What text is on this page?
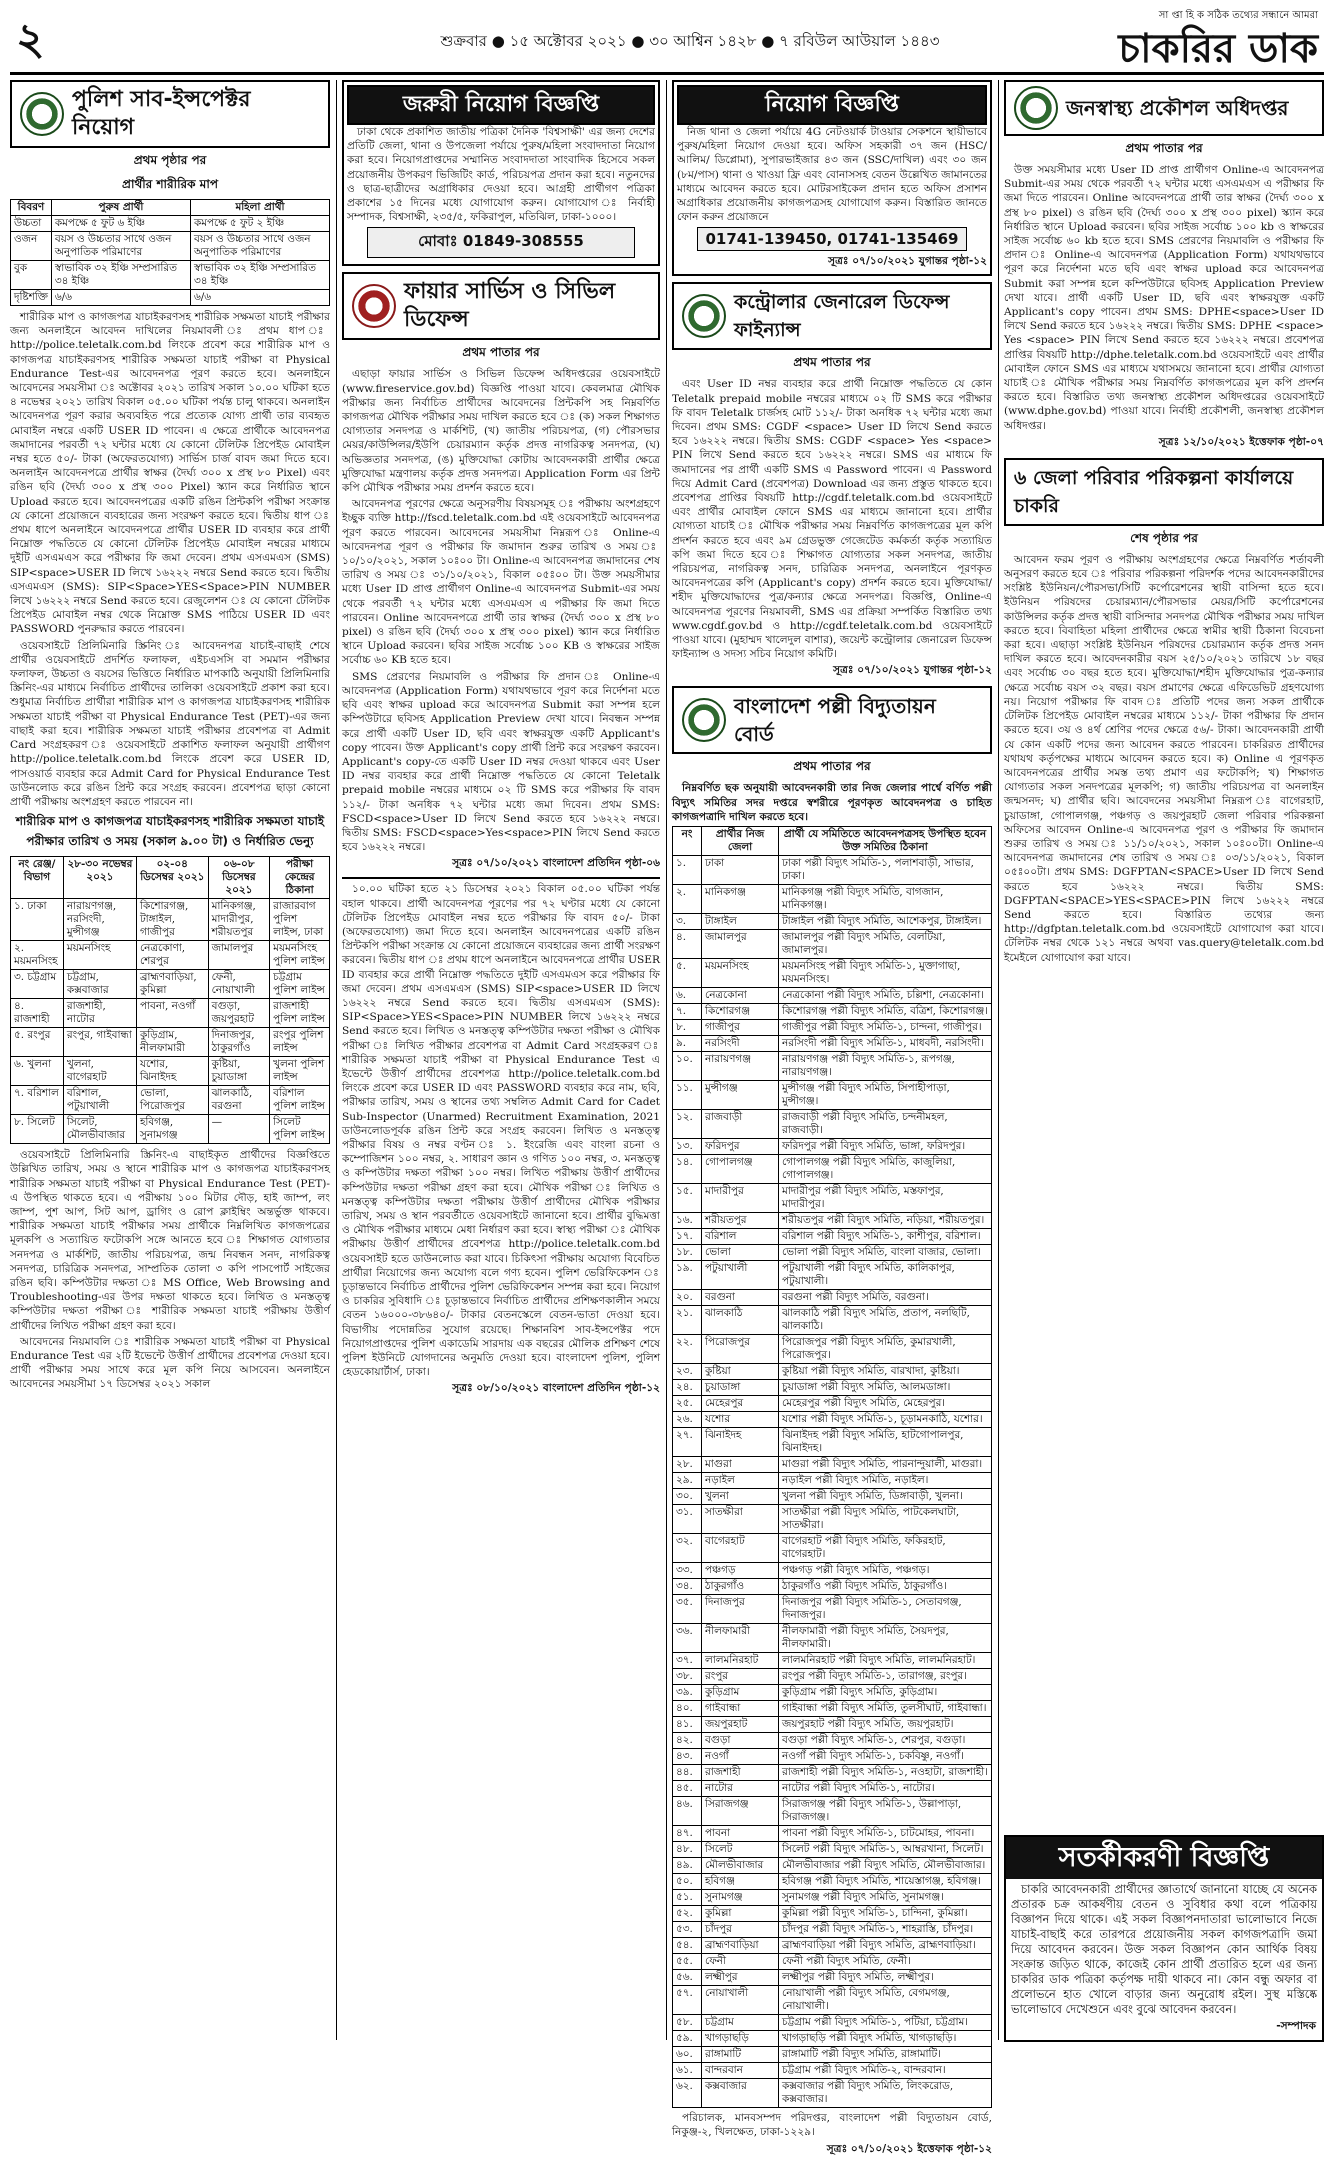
২	শুক্রবার ● ১৫ অক্টোবর ২০২১ ● ৩০ আশ্বিন ১৪২৮ ● ৭ রবিউল আউয়াল ১৪৪৩
সা প্তা হি ক সঠিক তথ্যের সন্ধানে আমরা
চাকরির ডাক
পুলিশ সাব-ইন্সপেক্টর নিয়োগ
প্রথম পৃষ্ঠার পর
প্রার্থীর শারীরিক মাপ
বিবরণ	পুরুষ প্রার্থী	মহিলা প্রার্থী
উচ্চতা	কমপক্ষে ৫ ফুট ৬ ইঞ্চি	কমপক্ষে ৫ ফুট ২ ইঞ্চি
ওজন	বয়স ও উচ্চতার সাথে ওজন অনুপাতিক পরিমাণের	বয়স ও উচ্চতার সাথে ওজন অনুপাতিক পরিমাণের
বুক	স্বাভাবিক ৩২ ইঞ্চি সম্প্রসারিত ৩৪ ইঞ্চি	স্বাভাবিক ৩২ ইঞ্চি সম্প্রসারিত ৩৪ ইঞ্চি
দৃষ্টিশক্তি	৬/৬	৬/৬

শারীরিক মাপ ও কাগজপত্র যাচাইকরণসহ শারীরিক সক্ষমতা যাচাই পরীক্ষার জন্য অনলাইনে আবেদন দাখিলের নিয়মাবলী ঃ প্রথম ধাপ ঃ http://police.teletalk.com.bd লিংকে প্রবেশ করে শারীরিক মাপ ও কাগজপত্র যাচাইকরণসহ শারীরিক সক্ষমতা যাচাই পরীক্ষা বা Physical Endurance Test-এর আবেদনপত্র পূরণ করতে হবে। অনলাইনে আবেদনের সময়সীমা ঃ অক্টোবর ২০২১ তারিখ সকাল ১০.০০ ঘটিকা হতে ৪ নভেম্বর ২০২১ তারিখ বিকাল ০৫.০০ ঘটিকা পর্যন্ত চালু থাকবে। অনলাইন আবেদনপত্র পূরণ করার অব্যবহিত পরে প্রত্যেক যোগ্য প্রার্থী তার ব্যবহৃত মোবাইল নম্বরে একটি USER ID পাবেন। এ ক্ষেত্রে প্রার্থীকে আবেদনপত্র জমাদানের পরবর্তী ৭২ ঘন্টার মধ্যে যে কোনো টেলিটক প্রিপেইড মোবাইল নম্বর হতে ৫০/- টাকা (অফেরতযোগ্য) সার্ভিস চার্জ বাবদ জমা দিতে হবে। অনলাইন আবেদনপত্রে প্রার্থীর স্বাক্ষর (দৈর্ঘ্য ৩০০ x প্রস্থ ৮০ Pixel) এবং রঙিন ছবি (দৈর্ঘ্য ৩০০ x প্রস্থ ৩০০ Pixel) স্ক্যান করে নির্ধারিত স্থানে Upload করতে হবে। আবেদনপত্রের একটি রঙিন প্রিন্টকপি পরীক্ষা সংক্রান্ত যে কোনো প্রয়োজনে ব্যবহারের জন্য সংরক্ষণ করতে হবে। দ্বিতীয় ধাপ ঃ প্রথম ধাপে অনলাইনে আবেদনপত্রে প্রার্থীর USER ID ব্যবহার করে প্রার্থী নিম্নোক্ত পদ্ধতিতে যে কোনো টেলিটক প্রিপেইড মোবাইল নম্বরের মাধ্যমে দুইটি এসএমএস করে পরীক্ষার ফি জমা দেবেন। প্রথম এসএমএস (SMS) SIP<space>USER ID লিখে ১৬২২২ নম্বরে Send করতে হবে। দ্বিতীয় এসএমএস (SMS): SIP<Space>YES<Space>PIN NUMBER লিখে ১৬২২২ নম্বরে Send করতে হবে। রেজুলেশন ঃ যে কোনো টেলিটক প্রিপেইড মোবাইল নম্বর থেকে নিম্নোক্ত SMS পাঠিয়ে USER ID এবং PASSWORD পুনরুদ্ধার করতে পারবেন।

ওয়েবসাইটে প্রিলিমিনারি স্ক্রিনিং ঃ আবেদনপত্র যাচাই-বাছাই শেষে প্রার্থীর ওয়েবসাইটে প্রদর্শিত ফলাফল, এইচএসসি বা সমমান পরীক্ষার ফলাফল, উচ্চতা ও বয়সের ভিত্তিতে নির্ধারিত মাপকাঠি অনুযায়ী প্রিলিমিনারি স্ক্রিনিং-এর মাধ্যমে নির্বাচিত প্রার্থীদের তালিকা ওয়েবসাইটে প্রকাশ করা হবে। শুধুমাত্র নির্বাচিত প্রার্থীরা শারীরিক মাপ ও কাগজপত্র যাচাইকরণসহ শারীরিক সক্ষমতা যাচাই পরীক্ষা বা Physical Endurance Test (PET)-এর জন্য বাছাই করা হবে। শারীরিক সক্ষমতা যাচাই পরীক্ষার প্রবেশপত্র বা Admit Card সংগ্রহকরণ ঃ ওয়েবসাইটে প্রকাশিত ফলাফল অনুযায়ী প্রার্থীগণ http://police.teletalk.com.bd লিংকে প্রবেশ করে USER ID, পাসওয়ার্ড ব্যবহার করে Admit Card for Physical Endurance Test ডাউনলোড করে রঙিন প্রিন্ট করে সংগ্রহ করবেন। প্রবেশপত্র ছাড়া কোনো প্রার্থী পরীক্ষায় অংশগ্রহণ করতে পারবেন না।

শারীরিক মাপ ও কাগজপত্র যাচাইকরণসহ শারীরিক সক্ষমতা যাচাই পরীক্ষার তারিখ ও সময় (সকাল ৯.০০ টা) ও নির্ধারিত ভেন্যু
নং রেঞ্জ/বিভাগ	২৮-৩০ নভেম্বর ২০২১	০২-০৪ ডিসেম্বর ২০২১	০৬-০৮ ডিসেম্বর ২০২১	পরীক্ষা কেন্দ্রের ঠিকানা
১. ঢাকা	নারায়ণগঞ্জ, নরসিংদী, মুন্সীগঞ্জ	কিশোরগঞ্জ, টাঙ্গাইল, গাজীপুর	মানিকগঞ্জ, মাদারীপুর, শরীয়তপুর	রাজারবাগ পুলিশ লাইন্স, ঢাকা
২. ময়মনসিংহ	ময়মনসিংহ	নেত্রকোণা, শেরপুর	জামালপুর	ময়মনসিংহ পুলিশ লাইন্স
৩. চট্টগ্রাম	চট্টগ্রাম, কক্সবাজার	ব্রাহ্মণবাড়িয়া, কুমিল্লা	ফেনী, নোয়াখালী	চট্টগ্রাম পুলিশ লাইন্স
৪. রাজশাহী	রাজশাহী, নাটোর	পাবনা, নওগাঁ	বগুড়া, জয়পুরহাট	রাজশাহী পুলিশ লাইন্স
৫. রংপুর	রংপুর, গাইবান্ধা	কুড়িগ্রাম, নীলফামারী	দিনাজপুর, ঠাকুরগাঁও	রংপুর পুলিশ লাইন্স
৬. খুলনা	খুলনা, বাগেরহাট	যশোর, ঝিনাইদহ	কুষ্টিয়া, চুয়াডাঙ্গা	খুলনা পুলিশ লাইন্স
৭. বরিশাল	বরিশাল, পটুয়াখালী	ভোলা, পিরোজপুর	ঝালকাঠি, বরগুনা	বরিশাল পুলিশ লাইন্স
৮. সিলেট	সিলেট, মৌলভীবাজার	হবিগঞ্জ, সুনামগঞ্জ	—	সিলেট পুলিশ লাইন্স

ওয়েবসাইটে প্রিলিমিনারি স্ক্রিনিং-এ বাছাইকৃত প্রার্থীদের বিজ্ঞপ্তিতে উল্লিখিত তারিখ, সময় ও স্থানে শারীরিক মাপ ও কাগজপত্র যাচাইকরণসহ শারীরিক সক্ষমতা যাচাই পরীক্ষা বা Physical Endurance Test (PET)-এ উপস্থিত থাকতে হবে। এ পরীক্ষায় ১০০ মিটার দৌড়, হাই জাম্প, লং জাম্প, পুশ আপ, সিট আপ, ড্রাগিং ও রোপ ক্লাইম্বিং অন্তর্ভুক্ত থাকবে। শারীরিক সক্ষমতা যাচাই পরীক্ষার সময় প্রার্থীকে নিম্নলিখিত কাগজপত্রের মূলকপি ও সত্যায়িত ফটোকপি সঙ্গে আনতে হবে ঃ শিক্ষাগত যোগ্যতার সনদপত্র ও মার্কশিট, জাতীয় পরিচয়পত্র, জন্ম নিবন্ধন সনদ, নাগরিকত্ব সনদপত্র, চারিত্রিক সনদপত্র, সাম্প্রতিক তোলা ৩ কপি পাসপোর্ট সাইজের রঙিন ছবি। কম্পিউটার দক্ষতা ঃ MS Office, Web Browsing and Troubleshooting-এর উপর দক্ষতা থাকতে হবে। লিখিত ও মনস্তত্ত্ব কম্পিউটার দক্ষতা পরীক্ষা ঃ শারীরিক সক্ষমতা যাচাই পরীক্ষায় উত্তীর্ণ প্রার্থীদের লিখিত পরীক্ষা গ্রহণ করা হবে।

আবেদনের নিয়মাবলি ঃ শারীরিক সক্ষমতা যাচাই পরীক্ষা বা Physical Endurance Test এর ২টি ইভেন্টে উত্তীর্ণ প্রার্থীদের প্রবেশপত্র দেওয়া হবে। প্রার্থী পরীক্ষার সময় সাথে করে মূল কপি নিয়ে আসবেন। অনলাইনে আবেদনের সময়সীমা ১৭ ডিসেম্বর ২০২১ সকাল

জরুরী নিয়োগ বিজ্ঞপ্তি

ঢাকা থেকে প্রকাশিত জাতীয় পত্রিকা দৈনিক 'বিশ্বসাক্ষী' এর জন্য দেশের প্রতিটি জেলা, থানা ও উপজেলা পর্যায়ে পুরুষ/মহিলা সংবাদদাতা নিয়োগ করা হবে। নিয়োগপ্রাপ্তদের সম্মানিত সংবাদদাতা সাংবাদিক হিসেবে সকল প্রয়োজনীয় উপকরণ ভিজিটিং কার্ড, পরিচয়পত্র প্রদান করা হবে। নতুনদের ও ছাত্র-ছাত্রীদের অগ্রাধিকার দেওয়া হবে। আগ্রহী প্রার্থীগণ পত্রিকা প্রকাশের ১৫ দিনের মধ্যে যোগাযোগ করুন। যোগাযোগ ঃ নির্বাহী সম্পাদক, বিশ্বসাক্ষী, ২৩৫/৫, ফকিরাপুল, মতিঝিল, ঢাকা-১০০০।

মোবাঃ 01849-308555
ফায়ার সার্ভিস ও সিভিল ডিফেন্স
প্রথম পাতার পর

এছাড়া ফায়ার সার্ভিস ও সিভিল ডিফেন্স অধিদপ্তরের ওয়েবসাইটে (www.fireservice.gov.bd) বিজ্ঞপ্তি পাওয়া যাবে। কেবলমাত্র মৌখিক পরীক্ষার জন্য নির্বাচিত প্রার্থীদের আবেদনের প্রিন্টকপি সহ নিম্নবর্ণিত কাগজপত্র মৌখিক পরীক্ষার সময় দাখিল করতে হবে ঃ (ক) সকল শিক্ষাগত যোগ্যতার সনদপত্র ও মার্কশিট, (খ) জাতীয় পরিচয়পত্র, (গ) পৌরসভার মেয়র/কাউন্সিলর/ইউপি চেয়ারম্যান কর্তৃক প্রদত্ত নাগরিকত্ব সনদপত্র, (ঘ) অভিজ্ঞতার সনদপত্র, (ঙ) মুক্তিযোদ্ধা কোটায় আবেদনকারী প্রার্থীর ক্ষেত্রে মুক্তিযোদ্ধা মন্ত্রণালয় কর্তৃক প্রদত্ত সনদপত্র। Application Form এর প্রিন্ট কপি মৌখিক পরীক্ষার সময় প্রদর্শন করতে হবে।

আবেদনপত্র পূরণের ক্ষেত্রে অনুসরণীয় বিষয়সমূহ ঃ পরীক্ষায় অংশগ্রহণে ইচ্ছুক ব্যক্তি http://fscd.teletalk.com.bd এই ওয়েবসাইটে আবেদনপত্র পূরণ করতে পারবেন। আবেদনের সময়সীমা নিম্নরূপ ঃ Online-এ আবেদনপত্র পূরণ ও পরীক্ষার ফি জমাদান শুরুর তারিখ ও সময় ঃ ১০/১০/২০২১, সকাল ১০ঃ০০ টা। Online-এ আবেদনপত্র জমাদানের শেষ তারিখ ও সময় ঃ ৩১/১০/২০২১, বিকাল ০৫ঃ০০ টা। উক্ত সময়সীমার মধ্যে User ID প্রাপ্ত প্রার্থীগণ Online-এ আবেদনপত্র Submit-এর সময় থেকে পরবর্তী ৭২ ঘন্টার মধ্যে এসএমএস এ পরীক্ষার ফি জমা দিতে পারবেন। Online আবেদনপত্রে প্রার্থী তার স্বাক্ষর (দৈর্ঘ্য ৩০০ x প্রস্থ ৮০ pixel) ও রঙিন ছবি (দৈর্ঘ্য ৩০০ x প্রস্থ ৩০০ pixel) স্ক্যান করে নির্ধারিত স্থানে Upload করবেন। ছবির সাইজ সর্বোচ্চ ১০০ KB ও স্বাক্ষরের সাইজ সর্বোচ্চ ৬০ KB হতে হবে।

SMS প্রেরণের নিয়মাবলি ও পরীক্ষার ফি প্রদান ঃ Online-এ আবেদনপত্র (Application Form) যথাযথভাবে পূরণ করে নির্দেশনা মতে ছবি এবং স্বাক্ষর upload করে আবেদনপত্র Submit করা সম্পন্ন হলে কম্পিউটারে ছবিসহ Application Preview দেখা যাবে। নিবন্ধন সম্পন্ন করে প্রার্থী একটি User ID, ছবি এবং স্বাক্ষরযুক্ত একটি Applicant's copy পাবেন। উক্ত Applicant's copy প্রার্থী প্রিন্ট করে সংরক্ষণ করবেন। Applicant's copy-তে একটি User ID নম্বর দেওয়া থাকবে এবং User ID নম্বর ব্যবহার করে প্রার্থী নিম্নোক্ত পদ্ধতিতে যে কোনো Teletalk prepaid mobile নম্বরের মাধ্যমে ০২ টি SMS করে পরীক্ষার ফি বাবদ ১১২/- টাকা অনধিক ৭২ ঘন্টার মধ্যে জমা দিবেন। প্রথম SMS: FSCD<space>User ID লিখে Send করতে হবে ১৬২২২ নম্বরে। দ্বিতীয় SMS: FSCD<space>Yes<space>PIN লিখে Send করতে হবে ১৬২২২ নম্বরে।

সূত্রঃ ০৭/১০/২০২১ বাংলাদেশ প্রতিদিন পৃষ্ঠা-০৬

১০.০০ ঘটিকা হতে ২১ ডিসেম্বর ২০২১ বিকাল ০৫.০০ ঘটিকা পর্যন্ত বহাল থাকবে। প্রার্থী আবেদনপত্র পূরণের পর ৭২ ঘণ্টার মধ্যে যে কোনো টেলিটক প্রিপেইড মোবাইল নম্বর হতে পরীক্ষার ফি বাবদ ৫০/- টাকা (অফেরতযোগ্য) জমা দিতে হবে। অনলাইন আবেদনপত্রের একটি রঙিন প্রিন্টকপি পরীক্ষা সংক্রান্ত যে কোনো প্রয়োজনে ব্যবহারের জন্য প্রার্থী সংরক্ষণ করবেন। দ্বিতীয় ধাপ ঃ প্রথম ধাপে অনলাইনে আবেদনপত্রে প্রার্থীর USER ID ব্যবহার করে প্রার্থী নিম্নোক্ত পদ্ধতিতে দুইটি এসএমএস করে পরীক্ষার ফি জমা দেবেন। প্রথম এসএমএস (SMS) SIP<space>USER ID লিখে ১৬২২২ নম্বরে Send করতে হবে। দ্বিতীয় এসএমএস (SMS): SIP<Space>YES<Space>PIN NUMBER লিখে ১৬২২২ নম্বরে Send করতে হবে। লিখিত ও মনস্তত্ত্ব কম্পিউটার দক্ষতা পরীক্ষা ও মৌখিক পরীক্ষা ঃ লিখিত পরীক্ষার প্রবেশপত্র বা Admit Card সংগ্রহকরণ ঃ শারীরিক সক্ষমতা যাচাই পরীক্ষা বা Physical Endurance Test এ ইভেন্টে উত্তীর্ণ প্রার্থীদের প্রবেশপত্র http://police.teletalk.com.bd লিংকে প্রবেশ করে USER ID এবং PASSWORD ব্যবহার করে নাম, ছবি, পরীক্ষার তারিখ, সময় ও স্থানের তথ্য সম্বলিত Admit Card for Cadet Sub-Inspector (Unarmed) Recruitment Examination, 2021 ডাউনলোডপূর্বক রঙিন প্রিন্ট করে সংগ্রহ করবেন। লিখিত ও মনস্তত্ত্ব পরীক্ষার বিষয় ও নম্বর বণ্টন ঃ ১. ইংরেজি এবং বাংলা রচনা ও কম্পোজিশন ১০০ নম্বর, ২. সাধারণ জ্ঞান ও গণিত ১০০ নম্বর, ৩. মনস্তত্ত্ব ও কম্পিউটার দক্ষতা পরীক্ষা ১০০ নম্বর। লিখিত পরীক্ষায় উত্তীর্ণ প্রার্থীদের কম্পিউটার দক্ষতা পরীক্ষা গ্রহণ করা হবে। মৌখিক পরীক্ষা ঃ লিখিত ও মনস্তত্ত্ব কম্পিউটার দক্ষতা পরীক্ষায় উত্তীর্ণ প্রার্থীদের মৌখিক পরীক্ষার তারিখ, সময় ও স্থান পরবর্তীতে ওয়েবসাইটে জানানো হবে। প্রার্থীর বুদ্ধিমত্তা ও মৌখিক পরীক্ষার মাধ্যমে মেধা নির্ধারণ করা হবে। স্বাস্থ্য পরীক্ষা ঃ মৌখিক পরীক্ষায় উত্তীর্ণ প্রার্থীদের প্রবেশপত্র http://police.teletalk.com.bd ওয়েবসাইট হতে ডাউনলোড করা যাবে। চিকিৎসা পরীক্ষায় অযোগ্য বিবেচিত প্রার্থীরা নিয়োগের জন্য অযোগ্য বলে গণ্য হবেন। পুলিশ ভেরিফিকেশন ঃ চূড়ান্তভাবে নির্বাচিত প্রার্থীদের পুলিশ ভেরিফিকেশন সম্পন্ন করা হবে। নিয়োগ ও চাকরির সুবিধাদি ঃ চূড়ান্তভাবে নির্বাচিত প্রার্থীদের প্রশিক্ষণকালীন সময়ে বেতন ১৬০০০-৩৮৬৪০/- টাকার বেতনস্কেলে বেতন-ভাতা দেওয়া হবে। বিভাগীয় পদোন্নতির সুযোগ রয়েছে। শিক্ষানবিশ সাব-ইন্সপেক্টর পদে নিয়োগপ্রাপ্তদের পুলিশ একাডেমি সারদায় এক বছরের মৌলিক প্রশিক্ষণ শেষে পুলিশ ইউনিটে যোগদানের অনুমতি দেওয়া হবে। বাংলাদেশ পুলিশ, পুলিশ হেডকোয়ার্টার্স, ঢাকা।

সূত্রঃ ০৮/১০/২০২১ বাংলাদেশ প্রতিদিন পৃষ্ঠা-১২
নিয়োগ বিজ্ঞপ্তি

নিজ থানা ও জেলা পর্যায়ে 4G নেটওয়ার্ক টাওয়ার সেকশনে স্থায়ীভাবে পুরুষ/মহিলা নিয়োগ দেওয়া হবে। অফিস সহকারী ৩৭ জন (HSC/ আলিম/ ডিপ্লোমা), সুপারভাইজার ৪৩ জন (SSC/দাখিল) এবং ৩০ জন (৮ম/পাস) থানা ও খাওয়া ফ্রি এবং বোনাসসহ বেতন উল্লেখিত জামানতের মাধ্যমে আবেদন করতে হবে। মোটরসাইকেল প্রদান হতে অফিস প্রসাশন অগ্রাধিকার প্রয়োজনীয় কাগজপত্রসহ যোগাযোগ করুন। বিস্তারিত জানতে ফোন করুন প্রয়োজনে

01741-139450, 01741-135469
সূত্রঃ ০৭/১০/২০২১ যুগান্তর পৃষ্ঠা-১২
কন্ট্রোলার জেনারেল ডিফেন্স ফাইন্যান্স
প্রথম পাতার পর

এবং User ID নম্বর ব্যবহার করে প্রার্থী নিম্নোক্ত পদ্ধতিতে যে কোন Teletalk prepaid mobile নম্বরের মাধ্যমে ০২ টি SMS করে পরীক্ষার ফি বাবদ Teletalk চার্জসহ মোট ১১২/- টাকা অনধিক ৭২ ঘন্টার মধ্যে জমা দিবেন। প্রথম SMS: CGDF <space> User ID লিখে Send করতে হবে ১৬২২২ নম্বরে। দ্বিতীয় SMS: CGDF <space> Yes <space> PIN লিখে Send করতে হবে ১৬২২২ নম্বরে। SMS এর মাধ্যমে ফি জমাদানের পর প্রার্থী একটি SMS এ Password পাবেন। এ Password দিয়ে Admit Card (প্রবেশপত্র) Download এর জন্য প্রস্তুত থাকতে হবে। প্রবেশপত্র প্রাপ্তির বিষয়টি http://cgdf.teletalk.com.bd ওয়েবসাইটে এবং প্রার্থীর মোবাইল ফোনে SMS এর মাধ্যমে জানানো হবে। প্রার্থীর যোগ্যতা যাচাই ঃ মৌখিক পরীক্ষার সময় নিম্নবর্ণিত কাগজপত্রের মূল কপি প্রদর্শন করতে হবে এবং ৯ম গ্রেডভুক্ত গেজেটেড কর্মকর্তা কর্তৃক সত্যায়িত কপি জমা দিতে হবে ঃ শিক্ষাগত যোগ্যতার সকল সনদপত্র, জাতীয় পরিচয়পত্র, নাগরিকত্ব সনদ, চারিত্রিক সনদপত্র, অনলাইনে পূরণকৃত আবেদনপত্রের কপি (Applicant's copy) প্রদর্শন করতে হবে। মুক্তিযোদ্ধা/শহীদ মুক্তিযোদ্ধাদের পুত্র/কন্যার ক্ষেত্রে সনদপত্র। বিজ্ঞপ্তি, Online-এ আবেদনপত্র পূরণের নিয়মাবলী, SMS এর প্রক্রিয়া সম্পর্কিত বিস্তারিত তথ্য www.cgdf.gov.bd ও http://cgdf.teletalk.com.bd ওয়েবসাইটে পাওয়া যাবে। (মুহাম্মদ খালেদুল বাশার), জয়েন্ট কন্ট্রোলার জেনারেল ডিফেন্স ফাইন্যান্স ও সদস্য সচিব নিয়োগ কমিটি।

সূত্রঃ ০৭/১০/২০২১ যুগান্তর পৃষ্ঠা-১২
বাংলাদেশ পল্লী বিদ্যুতায়ন বোর্ড
প্রথম পাতার পর

নিম্নবর্ণিত ছক অনুযায়ী আবেদনকারী তার নিজ জেলার পার্শ্বে বর্ণিত পল্লী বিদ্যুৎ সমিতির সদর দপ্তরে স্বশরীরে পূরণকৃত আবেদনপত্র ও চাহিত কাগজপত্রাদি দাখিল করতে হবে।

নং	প্রার্থীর নিজ জেলা	প্রার্থী যে সমিতিতে আবেদনপত্রসহ উপস্থিত হবেন উক্ত সমিতির ঠিকানা
১.	ঢাকা	ঢাকা পল্লী বিদ্যুৎ সমিতি-১, পলাশবাড়ী, সাভার, ঢাকা।
২.	মানিকগঞ্জ	মানিকগঞ্জ পল্লী বিদ্যুৎ সমিতি, বাগজান, মানিকগঞ্জ।
৩.	টাঙ্গাইল	টাঙ্গাইল পল্লী বিদ্যুৎ সমিতি, আশেকপুর, টাঙ্গাইল।
৪.	জামালপুর	জামালপুর পল্লী বিদ্যুৎ সমিতি, বেলটিয়া, জামালপুর।
৫.	ময়মনসিংহ	ময়মনসিংহ পল্লী বিদ্যুৎ সমিতি-১, মুক্তাগাছা, ময়মনসিংহ।
৬.	নেত্রকোনা	নেত্রকোনা পল্লী বিদ্যুৎ সমিতি, চল্লিশা, নেত্রকোনা।
৭.	কিশোরগঞ্জ	কিশোরগঞ্জ পল্লী বিদ্যুৎ সমিতি, বত্রিশ, কিশোরগঞ্জ।
৮.	গাজীপুর	গাজীপুর পল্লী বিদ্যুৎ সমিতি-১, চান্দনা, গাজীপুর।
৯.	নরসিংদী	নরসিংদী পল্লী বিদ্যুৎ সমিতি-১, মাধবদী, নরসিংদী।
১০.	নারায়ণগঞ্জ	নারায়ণগঞ্জ পল্লী বিদ্যুৎ সমিতি-১, রূপগঞ্জ, নারায়ণগঞ্জ।
১১.	মুন্সীগঞ্জ	মুন্সীগঞ্জ পল্লী বিদ্যুৎ সমিতি, সিপাহীপাড়া, মুন্সীগঞ্জ।
১২.	রাজবাড়ী	রাজবাড়ী পল্লী বিদ্যুৎ সমিতি, চন্দনীমহল, রাজবাড়ী।
১৩.	ফরিদপুর	ফরিদপুর পল্লী বিদ্যুৎ সমিতি, ভাঙ্গা, ফরিদপুর।
১৪.	গোপালগঞ্জ	গোপালগঞ্জ পল্লী বিদ্যুৎ সমিতি, কাজুলিয়া, গোপালগঞ্জ।
১৫.	মাদারীপুর	মাদারীপুর পল্লী বিদ্যুৎ সমিতি, মস্তফাপুর, মাদারীপুর।
১৬.	শরীয়তপুর	শরীয়তপুর পল্লী বিদ্যুৎ সমিতি, নড়িয়া, শরীয়তপুর।
১৭.	বরিশাল	বরিশাল পল্লী বিদ্যুৎ সমিতি-১, কাশীপুর, বরিশাল।
১৮.	ভোলা	ভোলা পল্লী বিদ্যুৎ সমিতি, বাংলা বাজার, ভোলা।
১৯.	পটুয়াখালী	পটুয়াখালী পল্লী বিদ্যুৎ সমিতি, কালিকাপুর, পটুয়াখালী।
২০.	বরগুনা	বরগুনা পল্লী বিদ্যুৎ সমিতি, বরগুনা।
২১.	ঝালকাঠি	ঝালকাঠি পল্লী বিদ্যুৎ সমিতি, প্রতাপ, নলছিটি, ঝালকাঠি।
২২.	পিরোজপুর	পিরোজপুর পল্লী বিদ্যুৎ সমিতি, কুমারখালী, পিরোজপুর।
২৩.	কুষ্টিয়া	কুষ্টিয়া পল্লী বিদ্যুৎ সমিতি, বারখাদা, কুষ্টিয়া।
২৪.	চুয়াডাঙ্গা	চুয়াডাঙ্গা পল্লী বিদ্যুৎ সমিতি, আলমডাঙ্গা।
২৫.	মেহেরপুর	মেহেরপুর পল্লী বিদ্যুৎ সমিতি, মেহেরপুর।
২৬.	যশোর	যশোর পল্লী বিদ্যুৎ সমিতি-১, চূড়ামনকাঠি, যশোর।
২৭.	ঝিনাইদহ	ঝিনাইদহ পল্লী বিদ্যুৎ সমিতি, হাটগোপালপুর, ঝিনাইদহ।
২৮.	মাগুরা	মাগুরা পল্লী বিদ্যুৎ সমিতি, পারনান্দুয়ালী, মাগুরা।
২৯.	নড়াইল	নড়াইল পল্লী বিদ্যুৎ সমিতি, নড়াইল।
৩০.	খুলনা	খুলনা পল্লী বিদ্যুৎ সমিতি, ডিঙ্গাবাড়ী, খুলনা।
৩১.	সাতক্ষীরা	সাতক্ষীরা পল্লী বিদ্যুৎ সমিতি, পাটকেলঘাটা, সাতক্ষীরা।
৩২.	বাগেরহাট	বাগেরহাট পল্লী বিদ্যুৎ সমিতি, ফকিরহাট, বাগেরহাট।
৩৩.	পঞ্চগড়	পঞ্চগড় পল্লী বিদ্যুৎ সমিতি, পঞ্চগড়।
৩৪.	ঠাকুরগাঁও	ঠাকুরগাঁও পল্লী বিদ্যুৎ সমিতি, ঠাকুরগাঁও।
৩৫.	দিনাজপুর	দিনাজপুর পল্লী বিদ্যুৎ সমিতি-১, সেতাবগঞ্জ, দিনাজপুর।
৩৬.	নীলফামারী	নীলফামারী পল্লী বিদ্যুৎ সমিতি, সৈয়দপুর, নীলফামারী।
৩৭.	লালমনিরহাট	লালমনিরহাট পল্লী বিদ্যুৎ সমিতি, লালমনিরহাট।
৩৮.	রংপুর	রংপুর পল্লী বিদ্যুৎ সমিতি-১, তারাগঞ্জ, রংপুর।
৩৯.	কুড়িগ্রাম	কুড়িগ্রাম পল্লী বিদ্যুৎ সমিতি, কুড়িগ্রাম।
৪০.	গাইবান্ধা	গাইবান্ধা পল্লী বিদ্যুৎ সমিতি, তুলসীঘাট, গাইবান্ধা।
৪১.	জয়পুরহাট	জয়পুরহাট পল্লী বিদ্যুৎ সমিতি, জয়পুরহাট।
৪২.	বগুড়া	বগুড়া পল্লী বিদ্যুৎ সমিতি-১, শেরপুর, বগুড়া।
৪৩.	নওগাঁ	নওগাঁ পল্লী বিদ্যুৎ সমিতি-১, চকবিষ্ণু, নওগাঁ।
৪৪.	রাজশাহী	রাজশাহী পল্লী বিদ্যুৎ সমিতি-১, নওহাটা, রাজশাহী।
৪৫.	নাটোর	নাটোর পল্লী বিদ্যুৎ সমিতি-১, নাটোর।
৪৬.	সিরাজগঞ্জ	সিরাজগঞ্জ পল্লী বিদ্যুৎ সমিতি-১, উল্লাপাড়া, সিরাজগঞ্জ।
৪৭.	পাবনা	পাবনা পল্লী বিদ্যুৎ সমিতি-১, চাটমোহর, পাবনা।
৪৮.	সিলেট	সিলেট পল্লী বিদ্যুৎ সমিতি-১, আম্বরখানা, সিলেট।
৪৯.	মৌলভীবাজার	মৌলভীবাজার পল্লী বিদ্যুৎ সমিতি, মৌলভীবাজার।
৫০.	হবিগঞ্জ	হবিগঞ্জ পল্লী বিদ্যুৎ সমিতি, শায়েস্তাগঞ্জ, হবিগঞ্জ।
৫১.	সুনামগঞ্জ	সুনামগঞ্জ পল্লী বিদ্যুৎ সমিতি, সুনামগঞ্জ।
৫২.	কুমিল্লা	কুমিল্লা পল্লী বিদ্যুৎ সমিতি-১, চান্দিনা, কুমিল্লা।
৫৩.	চাঁদপুর	চাঁদপুর পল্লী বিদ্যুৎ সমিতি-১, শাহরাস্তি, চাঁদপুর।
৫৪.	ব্রাহ্মণবাড়িয়া	ব্রাহ্মণবাড়িয়া পল্লী বিদ্যুৎ সমিতি, ব্রাহ্মণবাড়িয়া।
৫৫.	ফেনী	ফেনী পল্লী বিদ্যুৎ সমিতি, ফেনী।
৫৬.	লক্ষ্মীপুর	লক্ষ্মীপুর পল্লী বিদ্যুৎ সমিতি, লক্ষ্মীপুর।
৫৭.	নোয়াখালী	নোয়াখালী পল্লী বিদ্যুৎ সমিতি, বেগমগঞ্জ, নোয়াখালী।
৫৮.	চট্টগ্রাম	চট্টগ্রাম পল্লী বিদ্যুৎ সমিতি-১, পটিয়া, চট্টগ্রাম।
৫৯.	খাগড়াছড়ি	খাগড়াছড়ি পল্লী বিদ্যুৎ সমিতি, খাগড়াছড়ি।
৬০.	রাঙ্গামাটি	রাঙ্গামাটি পল্লী বিদ্যুৎ সমিতি, রাঙ্গামাটি।
৬১.	বান্দরবান	চট্টগ্রাম পল্লী বিদ্যুৎ সমিতি-২, বান্দরবান।
৬২.	কক্সবাজার	কক্সবাজার পল্লী বিদ্যুৎ সমিতি, লিংকরোড, কক্সবাজার।

পরিচালক, মানবসম্পদ পরিদপ্তর, বাংলাদেশ পল্লী বিদ্যুতায়ন বোর্ড, নিকুঞ্জ-২, খিলক্ষেত, ঢাকা-১২২৯।

সূত্রঃ ০৭/১০/২০২১ ইত্তেফাক পৃষ্ঠা-১২
জনস্বাস্থ্য প্রকৌশল অধিদপ্তর
প্রথম পাতার পর

উক্ত সময়সীমার মধ্যে User ID প্রাপ্ত প্রার্থীগণ Online-এ আবেদনপত্র Submit-এর সময় থেকে পরবর্তী ৭২ ঘন্টার মধ্যে এসএমএস এ পরীক্ষার ফি জমা দিতে পারবেন। Online আবেদনপত্রে প্রার্থী তার স্বাক্ষর (দৈর্ঘ্য ৩০০ x প্রস্থ ৮০ pixel) ও রঙিন ছবি (দৈর্ঘ্য ৩০০ x প্রস্থ ৩০০ pixel) স্ক্যান করে নির্ধারিত স্থানে Upload করবেন। ছবির সাইজ সর্বোচ্চ ১০০ kb ও স্বাক্ষরের সাইজ সর্বোচ্চ ৬০ kb হতে হবে। SMS প্রেরণের নিয়মাবলি ও পরীক্ষার ফি প্রদান ঃ Online-এ আবেদনপত্র (Application Form) যথাযথভাবে পূরণ করে নির্দেশনা মতে ছবি এবং স্বাক্ষর upload করে আবেদনপত্র Submit করা সম্পন্ন হলে কম্পিউটারে ছবিসহ Application Preview দেখা যাবে। প্রার্থী একটি User ID, ছবি এবং স্বাক্ষরযুক্ত একটি Applicant's copy পাবেন। প্রথম SMS: DPHE<space>User ID লিখে Send করতে হবে ১৬২২২ নম্বরে। দ্বিতীয় SMS: DPHE <space> Yes <space> PIN লিখে Send করতে হবে ১৬২২২ নম্বরে। প্রবেশপত্র প্রাপ্তির বিষয়টি http://dphe.teletalk.com.bd ওয়েবসাইটে এবং প্রার্থীর মোবাইল ফোনে SMS এর মাধ্যমে যথাসময়ে জানানো হবে। প্রার্থীর যোগ্যতা যাচাই ঃ মৌখিক পরীক্ষার সময় নিম্নবর্ণিত কাগজপত্রের মূল কপি প্রদর্শন করতে হবে। বিস্তারিত তথ্য জনস্বাস্থ্য প্রকৌশল অধিদপ্তরের ওয়েবসাইটে (www.dphe.gov.bd) পাওয়া যাবে। নির্বাহী প্রকৌশলী, জনস্বাস্থ্য প্রকৌশল অধিদপ্তর।

সূত্রঃ ১২/১০/২০২১ ইত্তেফাক পৃষ্ঠা-০৭
৬ জেলা পরিবার পরিকল্পনা কার্যালয়ে চাকরি
শেষ পৃষ্ঠার পর

আবেদন ফরম পূরণ ও পরীক্ষায় অংশগ্রহণের ক্ষেত্রে নিম্নবর্ণিত শর্তাবলী অনুসরণ করতে হবে ঃ পরিবার পরিকল্পনা পরিদর্শক পদের আবেদনকারীদের সংশ্লিষ্ট ইউনিয়ন/পৌরসভা/সিটি কর্পোরেশনের স্থায়ী বাসিন্দা হতে হবে। ইউনিয়ন পরিষদের চেয়ারম্যান/পৌরসভার মেয়র/সিটি কর্পোরেশনের কাউন্সিলর কর্তৃক প্রদত্ত স্থায়ী বাসিন্দার সনদপত্র মৌখিক পরীক্ষার সময় দাখিল করতে হবে। বিবাহিতা মহিলা প্রার্থীদের ক্ষেত্রে স্বামীর স্থায়ী ঠিকানা বিবেচনা করা হবে। এছাড়া সংশ্লিষ্ট ইউনিয়ন পরিষদের চেয়ারম্যান কর্তৃক প্রদত্ত সনদ দাখিল করতে হবে। আবেদনকারীর বয়স ২৫/১০/২০২১ তারিখে ১৮ বছর এবং সর্বোচ্চ ৩০ বছর হতে হবে। মুক্তিযোদ্ধা/শহীদ মুক্তিযোদ্ধার পুত্র-কন্যার ক্ষেত্রে সর্বোচ্চ বয়স ৩২ বছর। বয়স প্রমাণের ক্ষেত্রে এফিডেভিট গ্রহণযোগ্য নয়। নিয়োগ পরীক্ষার ফি বাবদ ঃ প্রতিটি পদের জন্য সকল প্রার্থীকে টেলিটক প্রিপেইড মোবাইল নম্বরের মাধ্যমে ১১২/- টাকা পরীক্ষার ফি প্রদান করতে হবে। ৩য় ও ৪র্থ শ্রেণির পদের ক্ষেত্রে ৫৬/- টাকা। আবেদনকারী প্রার্থী যে কোন একটি পদের জন্য আবেদন করতে পারবেন। চাকরিরত প্রার্থীদের যথাযথ কর্তৃপক্ষের মাধ্যমে আবেদন করতে হবে। ক) Online এ পূরণকৃত আবেদনপত্রের প্রার্থীর সমস্ত তথ্য প্রমাণ এর ফটোকপি; খ) শিক্ষাগত যোগ্যতার সকল সনদপত্রের মূলকপি; গ) জাতীয় পরিচয়পত্র বা অনলাইন জন্মসনদ; ঘ) প্রার্থীর ছবি। আবেদনের সময়সীমা নিম্নরূপ ঃ বাগেরহাট, চুয়াডাঙ্গা, গোপালগঞ্জ, পঞ্চগড় ও জয়পুরহাট জেলা পরিবার পরিকল্পনা অফিসের আবেদন Online-এ আবেদনপত্র পূরণ ও পরীক্ষার ফি জমাদান শুরুর তারিখ ও সময় ঃ ১১/১০/২০২১, সকাল ১০ঃ০০টা। Online-এ আবেদনপত্র জমাদানের শেষ তারিখ ও সময় ঃ ০৩/১১/২০২১, বিকাল ০৫ঃ০০টা। প্রথম SMS: DGFPTAN<SPACE>User ID লিখে Send করতে হবে ১৬২২২ নম্বরে। দ্বিতীয় SMS: DGFPTAN<SPACE>YES<SPACE>PIN লিখে ১৬২২২ নম্বরে Send করতে হবে। বিস্তারিত তথ্যের জন্য http://dgfptan.teletalk.com.bd ওয়েবসাইটে যোগাযোগ করা যাবে। টেলিটক নম্বর থেকে ১২১ নম্বরে অথবা vas.query@teletalk.com.bd ইমেইলে যোগাযোগ করা যাবে।

সতর্কীকরণী বিজ্ঞপ্তি

চাকরি আবেদনকারী প্রার্থীদের জ্ঞাতার্থে জানানো যাচ্ছে যে অনেক প্রতারক চক্র আকর্ষণীয় বেতন ও সুবিধার কথা বলে পত্রিকায় বিজ্ঞাপন দিয়ে থাকে। এই সকল বিজ্ঞাপনদাতারা ভালোভাবে নিজে যাচাই-বাছাই করে তারপরে প্রয়োজনীয় সকল কাগজপত্রাদি জমা দিয়ে আবেদন করবেন। উক্ত সকল বিজ্ঞাপন কোন আর্থিক বিষয় সংক্রান্ত জড়িত থাকে, কাজেই কোন প্রার্থী প্রতারিত হলে এর জন্য চাকরির ডাক পত্রিকা কর্তৃপক্ষ দায়ী থাকবে না। কোন বন্ধু অফার বা প্রলোভনে হাত খোলে বাড়ার জন্য অনুরোধ রইল। সুস্থ মস্তিষ্কে ভালোভাবে দেখেশুনে এবং বুঝে আবেদন করবেন।

-সম্পাদক
